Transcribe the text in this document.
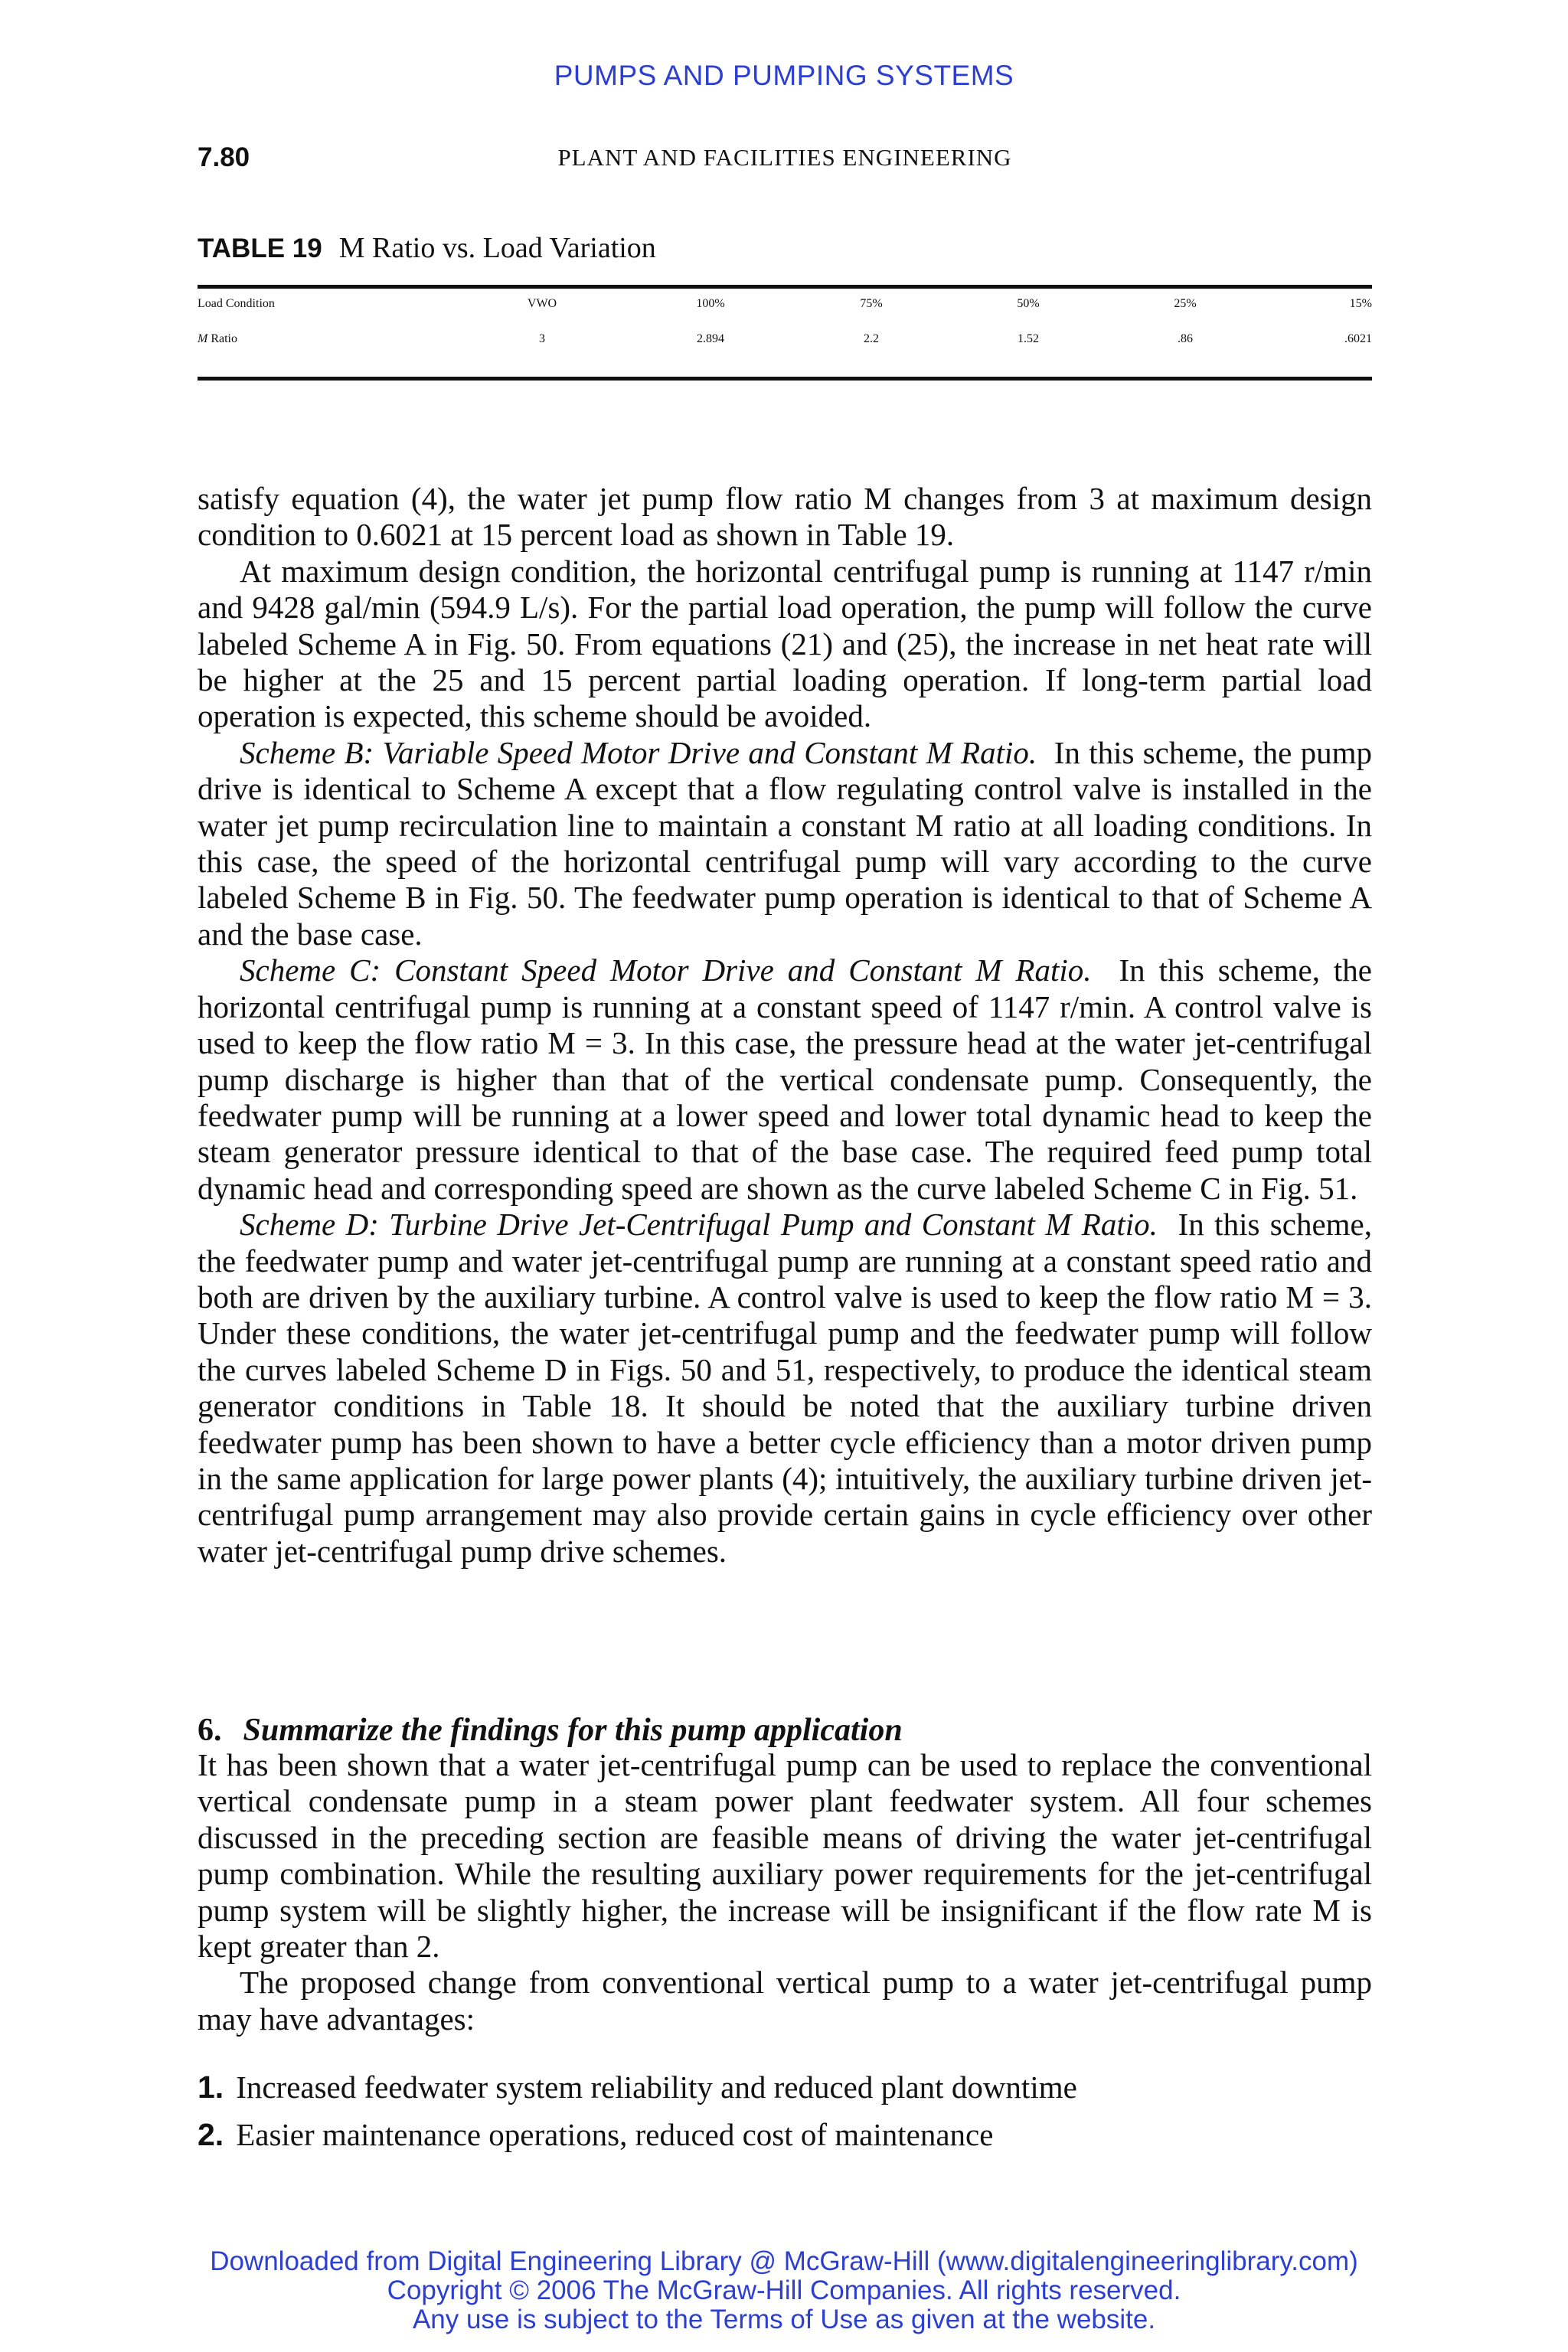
PUMPS AND PUMPING SYSTEMS
7.80	PLANT AND FACILITIES ENGINEERING
TABLE 19 M Ratio vs. Load Variation
Load Condition	VWO	100%	75%	50%	25%	15%
M Ratio	3	2.894	2.2	1.52	.86	.6021

satisfy equation (4), the water jet pump flow ratio M changes from 3 at maximum design condition to 0.6021 at 15 percent load as shown in Table 19.

At maximum design condition, the horizontal centrifugal pump is running at 1147 r/min and 9428 gal/min (594.9 L/s). For the partial load operation, the pump will follow the curve labeled Scheme A in Fig. 50. From equations (21) and (25), the increase in net heat rate will be higher at the 25 and 15 percent partial loading operation. If long-term partial load operation is expected, this scheme should be avoided.

Scheme B: Variable Speed Motor Drive and Constant M Ratio. In this scheme, the pump drive is identical to Scheme A except that a flow regulating control valve is installed in the water jet pump recirculation line to maintain a constant M ratio at all loading conditions. In this case, the speed of the horizontal centrifugal pump will vary according to the curve labeled Scheme B in Fig. 50. The feedwater pump operation is identical to that of Scheme A and the base case.

Scheme C: Constant Speed Motor Drive and Constant M Ratio. In this scheme, the horizontal centrifugal pump is running at a constant speed of 1147 r/min. A control valve is used to keep the flow ratio M = 3. In this case, the pressure head at the water jet-centrifugal pump discharge is higher than that of the vertical condensate pump. Consequently, the feedwater pump will be running at a lower speed and lower total dynamic head to keep the steam generator pressure identical to that of the base case. The required feed pump total dynamic head and corresponding speed are shown as the curve labeled Scheme C in Fig. 51.

Scheme D: Turbine Drive Jet-Centrifugal Pump and Constant M Ratio. In this scheme, the feedwater pump and water jet-centrifugal pump are running at a constant speed ratio and both are driven by the auxiliary turbine. A control valve is used to keep the flow ratio M = 3. Under these conditions, the water jet-centrifugal pump and the feedwater pump will follow the curves labeled Scheme D in Figs. 50 and 51, respectively, to produce the identical steam generator conditions in Table 18. It should be noted that the auxiliary turbine driven feedwater pump has been shown to have a better cycle efficiency than a motor driven pump in the same application for large power plants (4); intuitively, the auxiliary turbine driven jet-centrifugal pump arrangement may also provide certain gains in cycle efficiency over other water jet-centrifugal pump drive schemes.

6. Summarize the findings for this pump application

It has been shown that a water jet-centrifugal pump can be used to replace the conventional vertical condensate pump in a steam power plant feedwater system. All four schemes discussed in the preceding section are feasible means of driving the water jet-centrifugal pump combination. While the resulting auxiliary power requirements for the jet-centrifugal pump system will be slightly higher, the increase will be insignificant if the flow rate M is kept greater than 2.

The proposed change from conventional vertical pump to a water jet-centrifugal pump may have advantages:

1. Increased feedwater system reliability and reduced plant downtime
2. Easier maintenance operations, reduced cost of maintenance
Downloaded from Digital Engineering Library @ McGraw-Hill (www.digitalengineeringlibrary.com)
Copyright © 2006 The McGraw-Hill Companies. All rights reserved.
Any use is subject to the Terms of Use as given at the website.
